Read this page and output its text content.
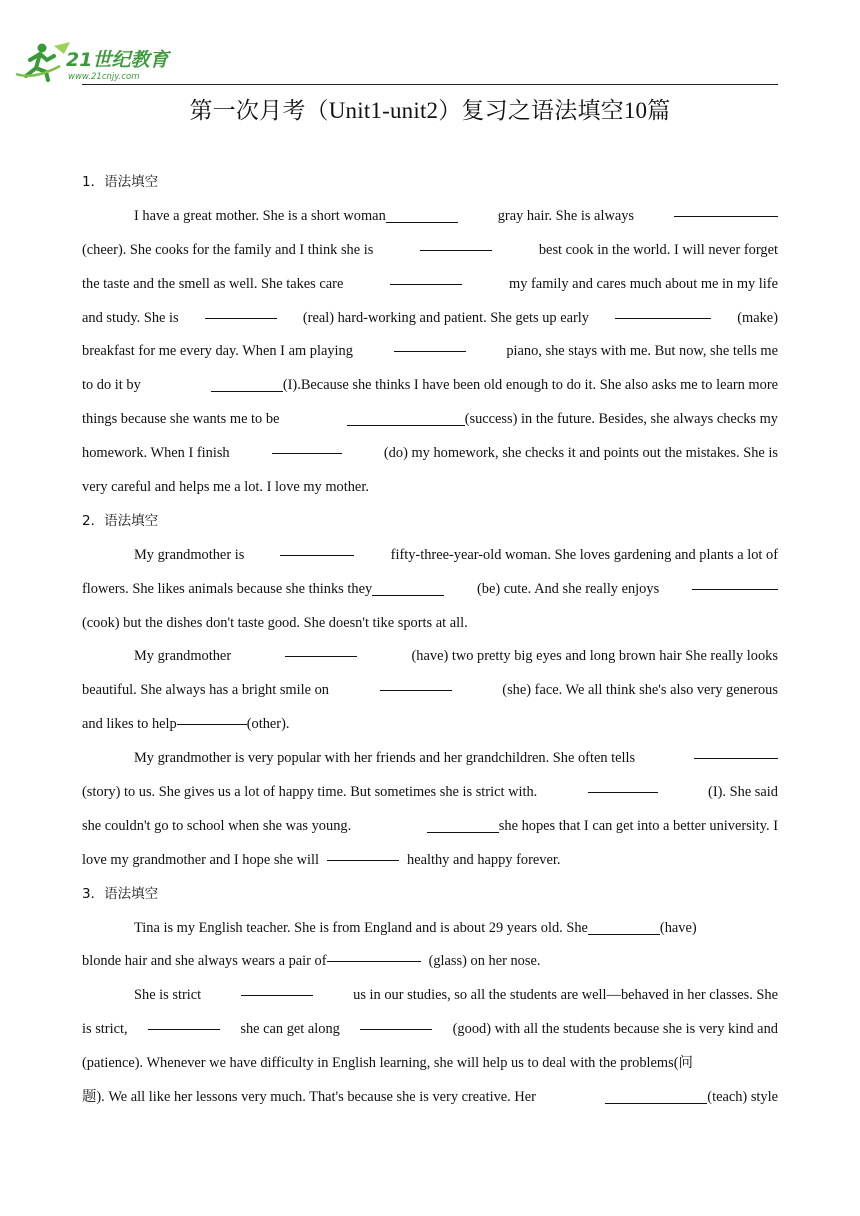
21世纪教育
www.21cnjy.com
第一次月考（Unit1-unit2）复习之语法填空10篇
1．语法填空
I have a great mother. She is a short woman	gray hair. She is always
(cheer). She cooks for the family and I think she is	best cook in the world. I will never forget
the taste and the smell as well. She takes care	my family and cares much about me in my life
and study. She is	(real) hard-working and patient. She gets up early	(make)
breakfast for me every day. When I am playing	piano, she stays with me. But now, she tells me
to do it by	(I).Because she thinks I have been old enough to do it. She also asks me to learn more
things because she wants me to be	(success) in the future. Besides, she always checks my
homework. When I finish	(do) my homework, she checks it and points out the mistakes. She is
very careful and helps me a lot. I love my mother.
2．语法填空
My grandmother is	fifty-three-year-old woman. She loves gardening and plants a lot of
flowers. She likes animals because she thinks they	(be) cute. And she really enjoys
(cook) but the dishes don't taste good. She doesn't tike sports at all.
My grandmother	(have) two pretty big eyes and long brown hair She really looks
beautiful. She always has a bright smile on	(she) face. We all think she's also very generous
and likes to help	(other).
My grandmother is very popular with her friends and her grandchildren. She often tells
(story) to us. She gives us a lot of happy time. But sometimes she is strict with.	(I). She said
she couldn't go to school when she was young.	she hopes that I can get into a better university. I
love my grandmother and I hope she will	healthy and happy forever.
3．语法填空
Tina is my English teacher. She is from England and is about 29 years old. She	(have)
blonde hair and she always wears a pair of	(glass) on her nose.
She is strict	us in our studies, so all the students are well—behaved in her classes. She
is strict,	she can get along	(good) with all the students because she is very kind and
(patience). Whenever we have difficulty in English learning, she will help us to deal with the problems(问
题). We all like her lessons very much. That's because she is very creative. Her	(teach) style
